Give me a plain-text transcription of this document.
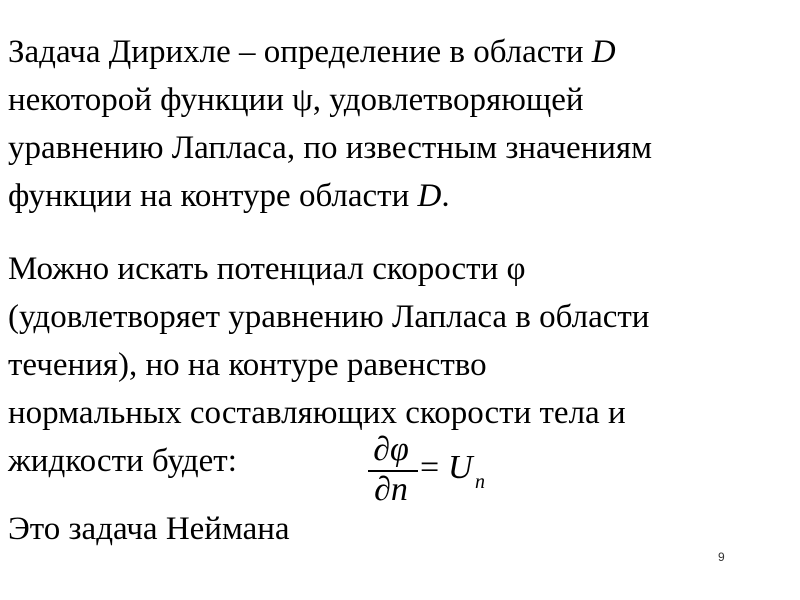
Задача Дирихле – определение в области D
некоторой функции ψ, удовлетворяющей
уравнению Лапласа, по известным значениям
функции на контуре области D.

Можно искать потенциал скорости φ
(удовлетворяет уравнению Лапласа в области
течения), но на контуре равенство
нормальных составляющих скорости тела и
жидкости будет:	∂φ
∂n
= U n

Это задача Неймана

9
